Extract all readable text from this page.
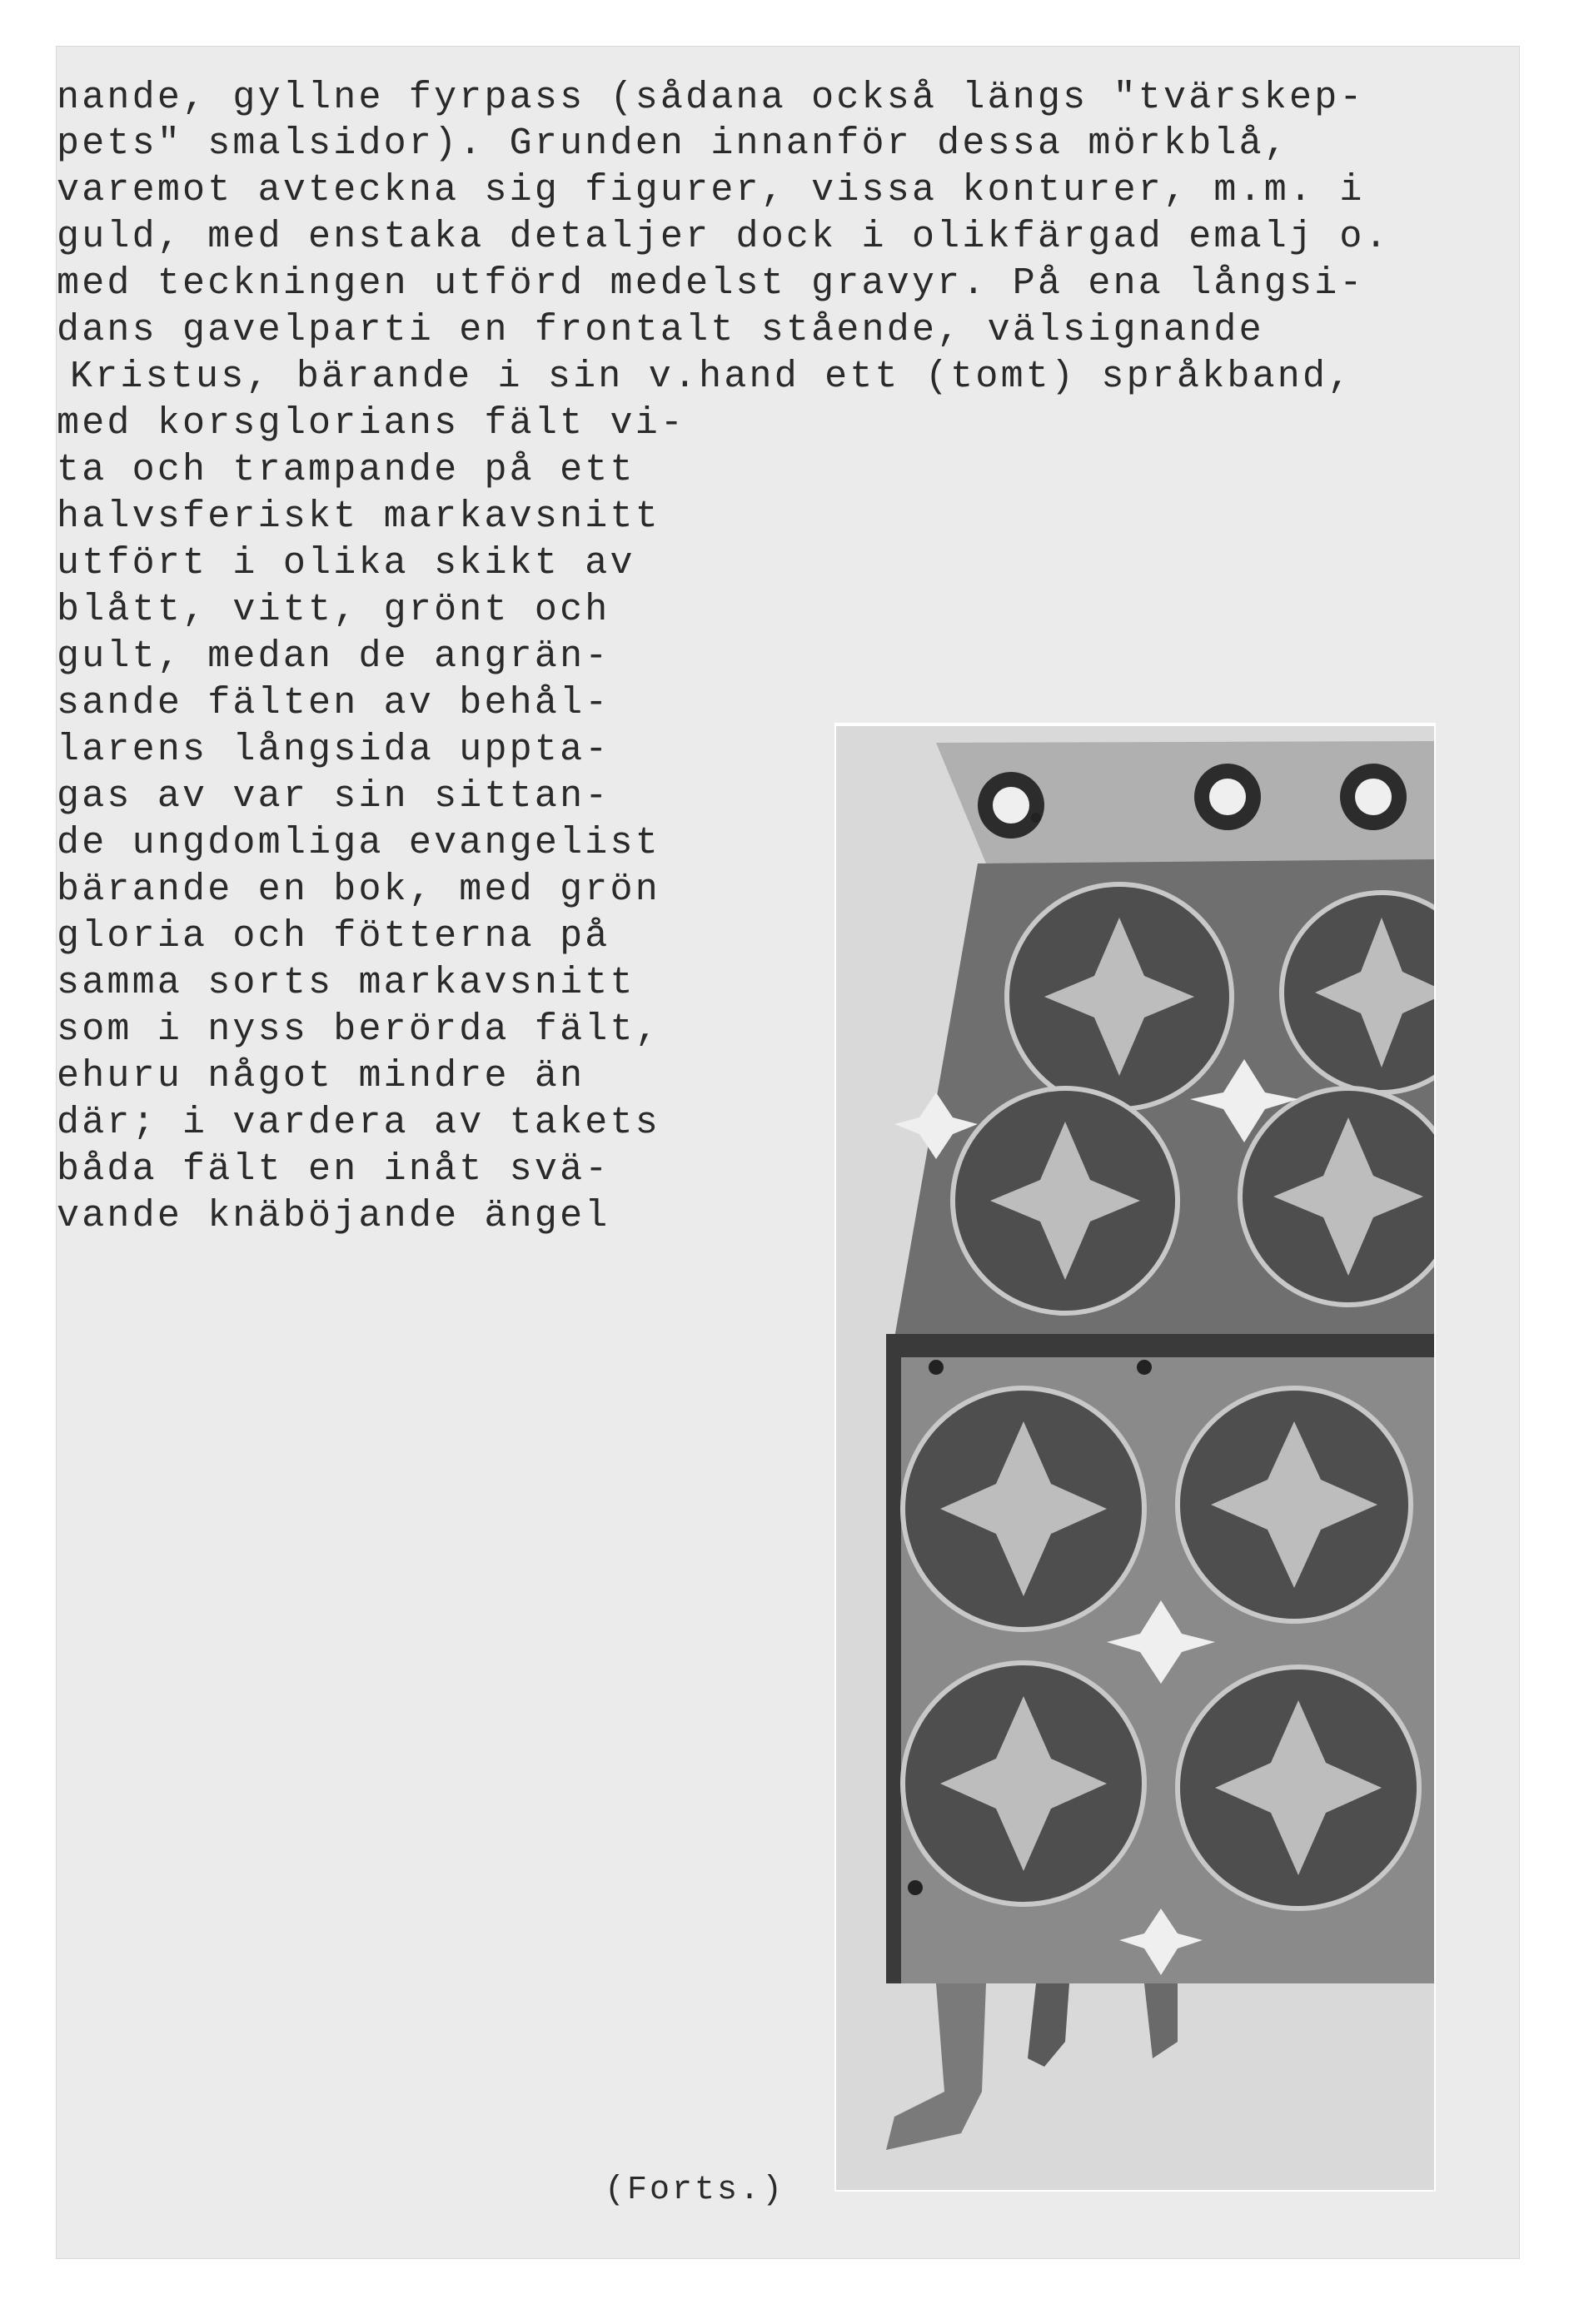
nande, gyllne fyrpass (sådana också längs "tvärskep-
pets" smalsidor). Grunden innanför dessa mörkblå,
varemot avteckna sig figurer, vissa konturer, m.m. i
guld, med enstaka detaljer dock i olikfärgad emalj o.
med teckningen utförd medelst gravyr. På ena långsi-
dans gavelparti en frontalt stående, välsignande
Kristus, bärande i sin v.hand ett (tomt) språkband,
med korsglorians fält vi-
ta och trampande på ett
halvsferiskt markavsnitt
utfört i olika skikt av
blått, vitt, grönt och
gult, medan de angrän-
sande fälten av behål-
larens långsida uppta-
gas av var sin sittan-
de ungdomliga evangelist
bärande en bok, med grön
gloria och fötterna på
samma sorts markavsnitt
som i nyss berörda fält,
ehuru något mindre än
där; i vardera av takets
båda fält en inåt svä-
vande knäböjande ängel
(Forts.)
